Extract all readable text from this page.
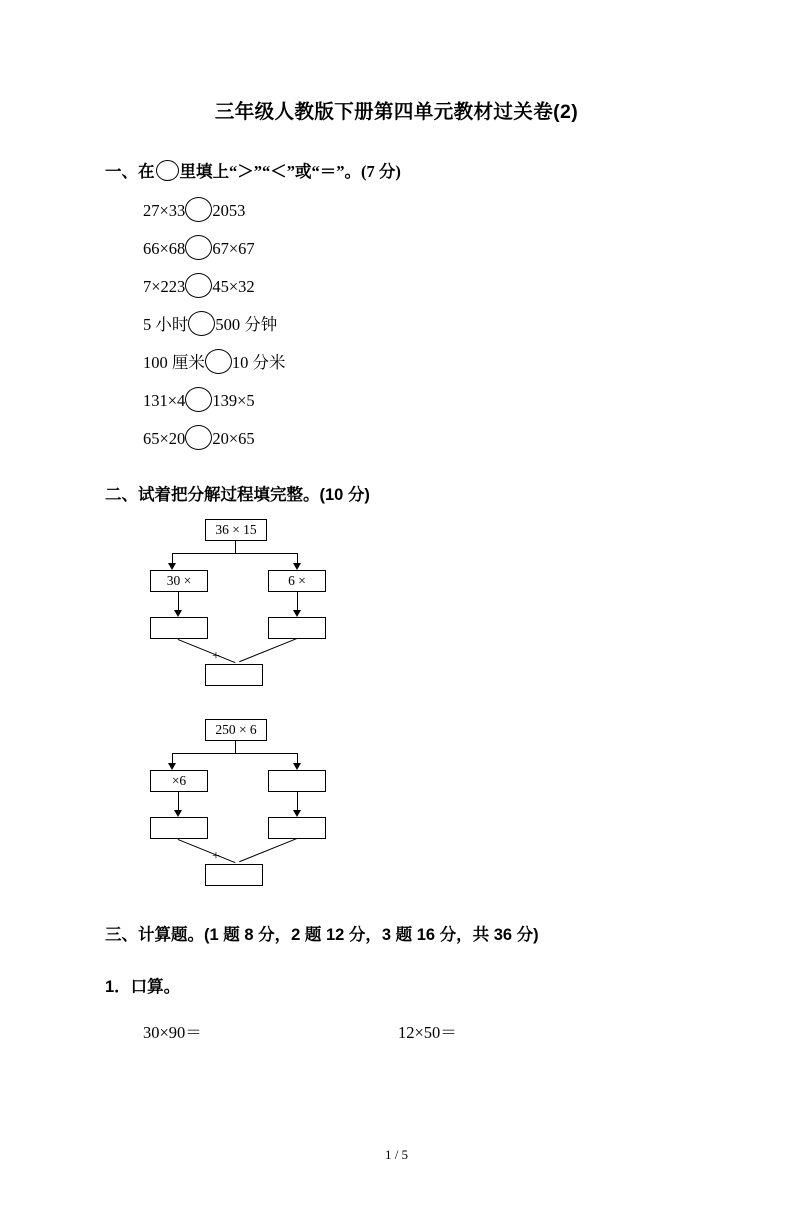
三年级人教版下册第四单元教材过关卷(2)
一、在 里填上“＞”“＜”或“＝”。(7 分)
27×33 2053
66×68 67×67
7×223 45×32
5 小时 500 分钟
100 厘米 10 分米
131×4 139×5
65×20 20×65
二、试着把分解过程填完整。(10 分)
36 × 15
30 ×	6 ×
+
250 × 6
×6
+
三、计算题。(1 题 8 分，2 题 12 分，3 题 16 分，共 36 分)
1．口算。
30×90＝	12×50＝
1 / 5
